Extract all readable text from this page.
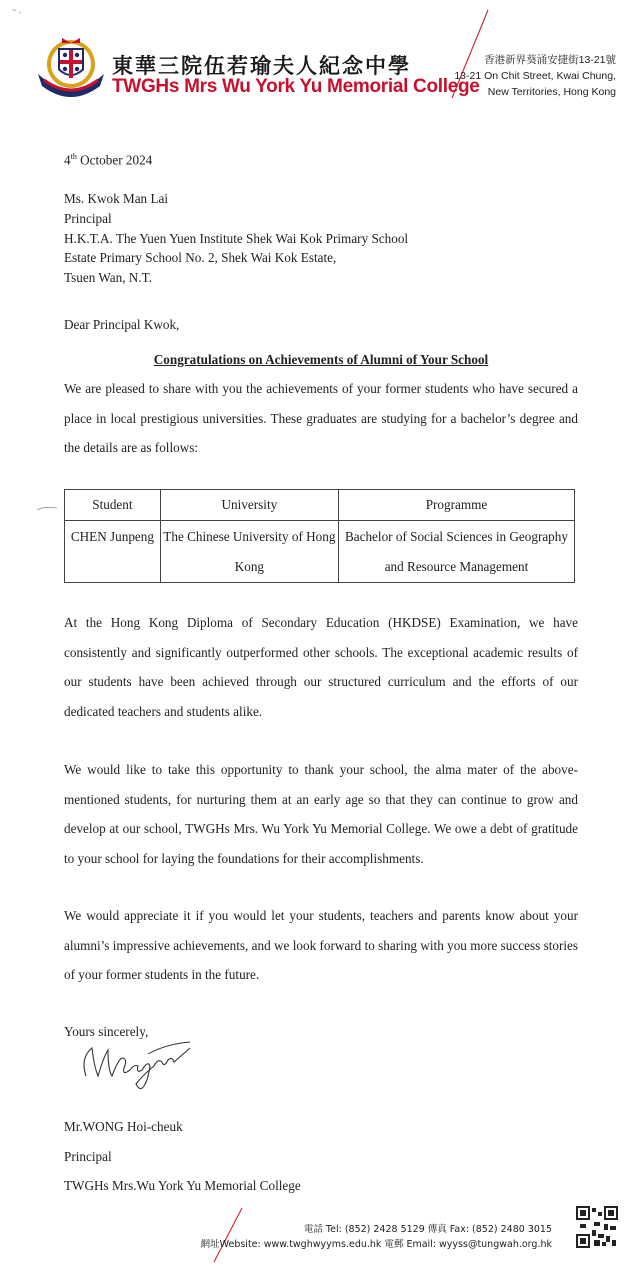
~ ,
東華三院伍若瑜夫人紀念中學
TWGHs Mrs Wu York Yu Memorial College
香港新界葵涌安捷街13-21號
13-21 On Chit Street, Kwai Chung,
New Territories, Hong Kong
4th October 2024
Ms. Kwok Man Lai
Principal
H.K.T.A. The Yuen Yuen Institute Shek Wai Kok Primary School
Estate Primary School No. 2, Shek Wai Kok Estate,
Tsuen Wan, N.T.
Dear Principal Kwok,
Congratulations on Achievements of Alumni of Your School
We are pleased to share with you the achievements of your former students who have secured a place in local prestigious universities. These graduates are studying for a bachelor’s degree and the details are as follows:
Student	University	Programme
CHEN Junpeng	The Chinese University of Hong Kong	Bachelor of Social Sciences in Geography and Resource Management
At the Hong Kong Diploma of Secondary Education (HKDSE) Examination, we have consistently and significantly outperformed other schools. The exceptional academic results of our students have been achieved through our structured curriculum and the efforts of our dedicated teachers and students alike.
We would like to take this opportunity to thank your school, the alma mater of the above-mentioned students, for nurturing them at an early age so that they can continue to grow and develop at our school, TWGHs Mrs. Wu York Yu Memorial College. We owe a debt of gratitude to your school for laying the foundations for their accomplishments.
We would appreciate it if you would let your students, teachers and parents know about your alumni’s impressive achievements, and we look forward to sharing with you more success stories of your former students in the future.
Yours sincerely,
Mr.WONG Hoi-cheuk
Principal
TWGHs Mrs.Wu York Yu Memorial College
電話 Tel: (852) 2428 5129 傳真 Fax: (852) 2480 3015
網址Website: www.twghwyyms.edu.hk 電郵 Email: wyyss@tungwah.org.hk
